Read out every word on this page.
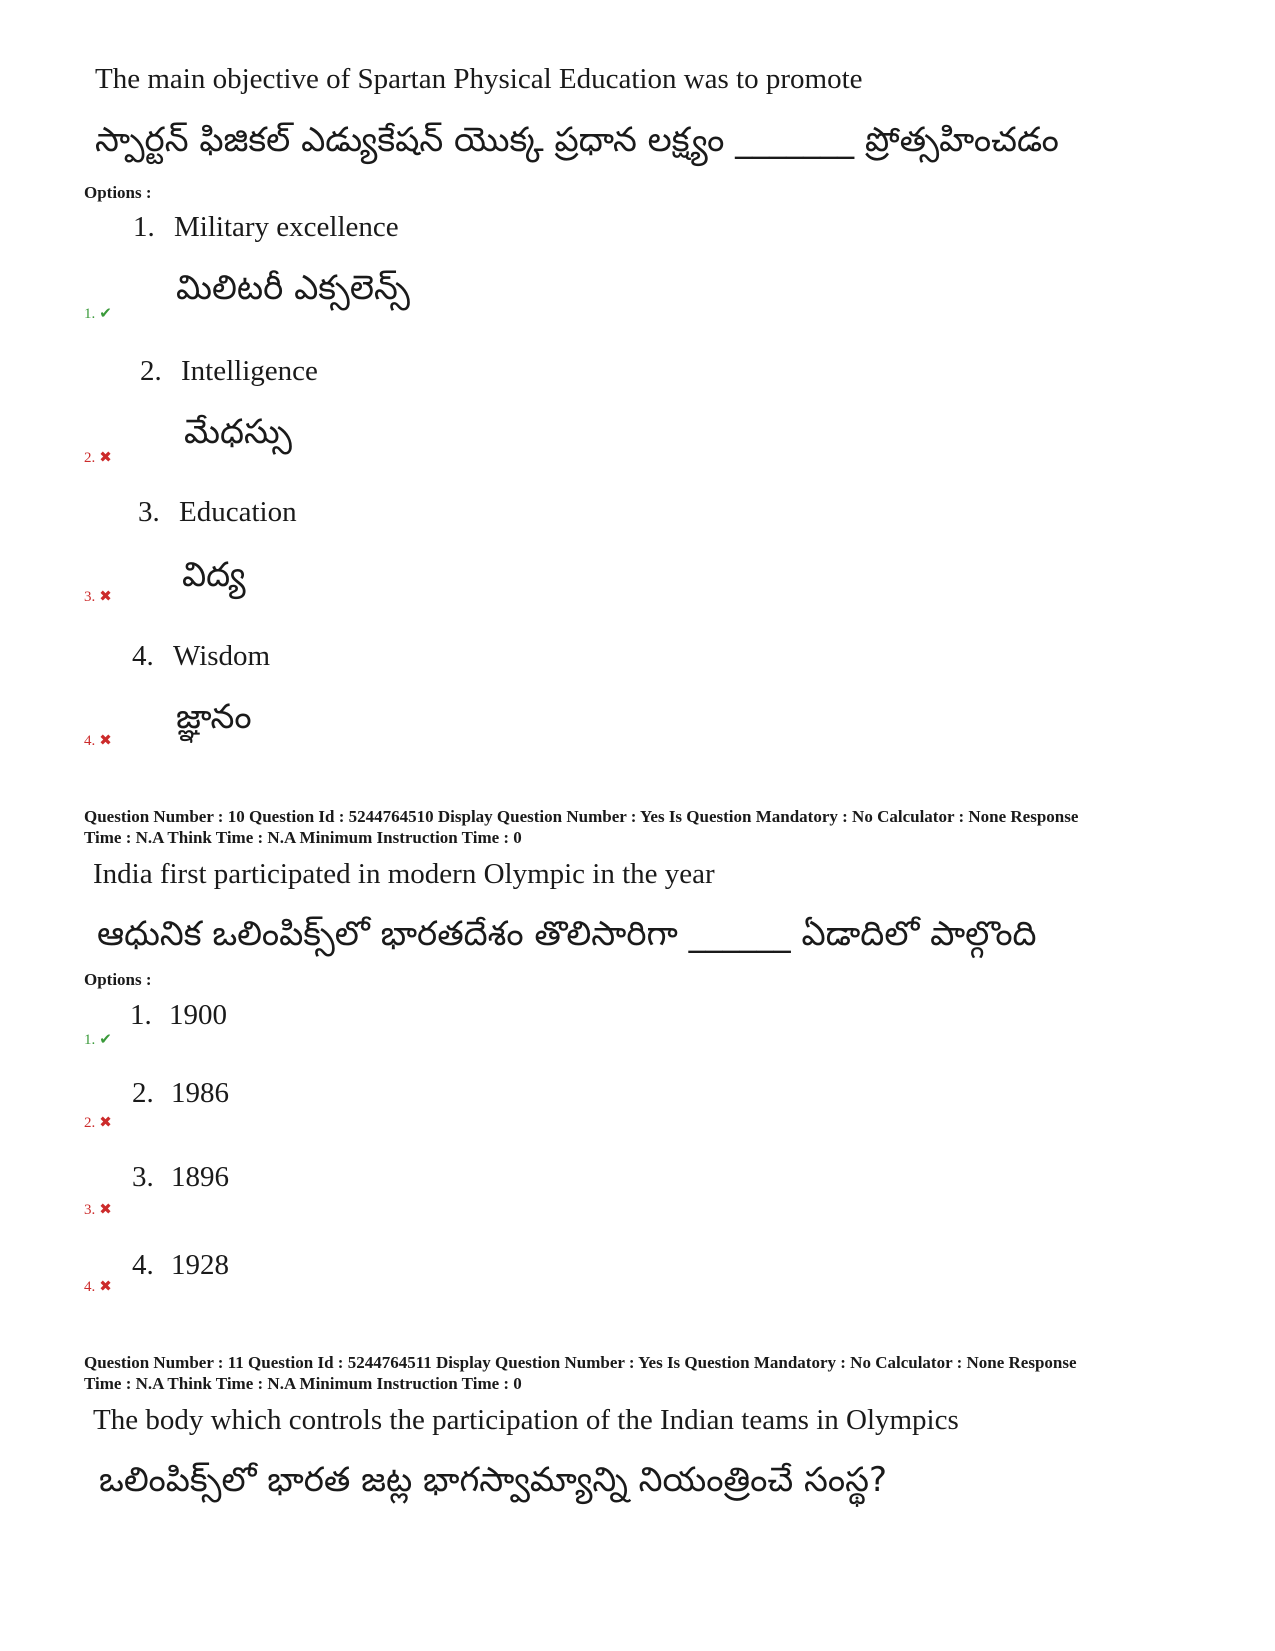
The main objective of Spartan Physical Education was to promote
స్పార్టన్ ఫిజికల్ ఎడ్యుకేషన్ యొక్క ప్రధాన లక్ష్యం _______ ప్రోత్సహించడం
Options :
1. Military excellence
మిలిటరీ ఎక్సలెన్స్
1. ✔
2. Intelligence
మేధస్సు
2. ✖
3. Education
విద్య
3. ✖
4. Wisdom
జ్ఞానం
4. ✖
Question Number : 10 Question Id : 5244764510 Display Question Number : Yes Is Question Mandatory : No Calculator : None Response
Time : N.A Think Time : N.A Minimum Instruction Time : 0
India first participated in modern Olympic in the year
ఆధునిక ఒలింపిక్స్‌లో భారతదేశం తొలిసారిగా ______ ఏడాదిలో పాల్గొంది
Options :
1. 1900
1. ✔
2. 1986
2. ✖
3. 1896
3. ✖
4. 1928
4. ✖
Question Number : 11 Question Id : 5244764511 Display Question Number : Yes Is Question Mandatory : No Calculator : None Response
Time : N.A Think Time : N.A Minimum Instruction Time : 0
The body which controls the participation of the Indian teams in Olympics
ఒలింపిక్స్‌లో భారత జట్ల భాగస్వామ్యాన్ని నియంత్రించే సంస్థ?
